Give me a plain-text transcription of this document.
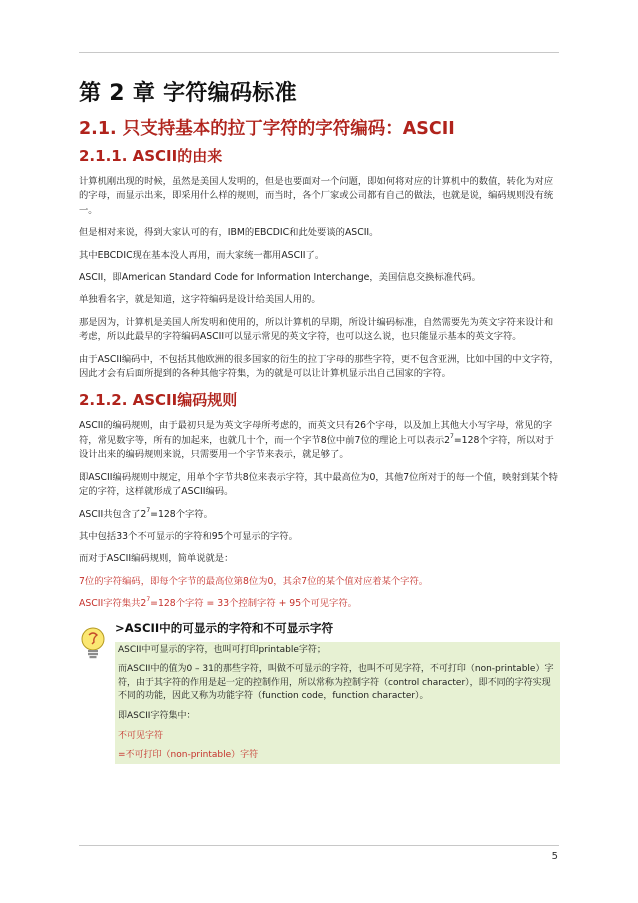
第 2 章 字符编码标准
2.1. 只支持基本的拉丁字符的字符编码：ASCII
2.1.1. ASCII的由来

计算机刚出现的时候，虽然是美国人发明的，但是也要面对一个问题，即如何将对应的计算机中的数值，转化为对应的字母，而显示出来，即采用什么样的规则，而当时，各个厂家或公司都有自己的做法，也就是说，编码规则没有统一。

但是相对来说，得到大家认可的有，IBM的EBCDIC和此处要谈的ASCII。

其中EBCDIC现在基本没人再用，而大家统一都用ASCII了。

ASCII，即American Standard Code for Information Interchange，美国信息交换标准代码。

单独看名字，就是知道，这字符编码是设计给美国人用的。

那是因为，计算机是美国人所发明和使用的，所以计算机的早期，所设计编码标准，自然需要先为英文字符来设计和考虑，所以此最早的字符编码ASCII可以显示常见的英文字符，也可以这么说，也只能显示基本的英文字符。

由于ASCII编码中，不包括其他欧洲的很多国家的衍生的拉丁字母的那些字符，更不包含亚洲，比如中国的中文字符，因此才会有后面所提到的各种其他字符集，为的就是可以让计算机显示出自己国家的字符。

2.1.2. ASCII编码规则

ASCII的编码规则，由于最初只是为英文字母所考虑的，而英文只有26个字母，以及加上其他大小写字母，常见的字符，常见数字等，所有的加起来，也就几十个，而一个字节8位中前7位的理论上可以表示$2^7=128$个字符，所以对于设计出来的编码规则来说，只需要用一个字节来表示，就足够了。

即ASCII编码规则中规定，用单个字节共8位来表示字符，其中最高位为0，其他7位所对于的每一个值，映射到某个特定的字符，这样就形成了ASCII编码。

ASCII共包含了$2^7=128$个字符。

其中包括33个不可显示的字符和95个可显示的字符。

而对于ASCII编码规则，简单说就是：

7位的字符编码，即每个字节的最高位第8位为0，其余7位的某个值对应着某个字符。

ASCII字符集共$2^7=128$个字符 = 33个控制字符 + 95个可见字符。

>ASCII中的可显示的字符和不可显示字符

ASCII中可显示的字符，也叫可打印printable字符；

而ASCII中的值为0 – 31的那些字符，叫做不可显示的字符，也叫不可见字符，不可打印（non-printable）字符，由于其字符的作用是起一定的控制作用，所以常称为控制字符（control character），即不同的字符实现不同的功能，因此又称为功能字符（function code，function character）。

即ASCII字符集中：

不可见字符

=不可打印（non-printable）字符

5
